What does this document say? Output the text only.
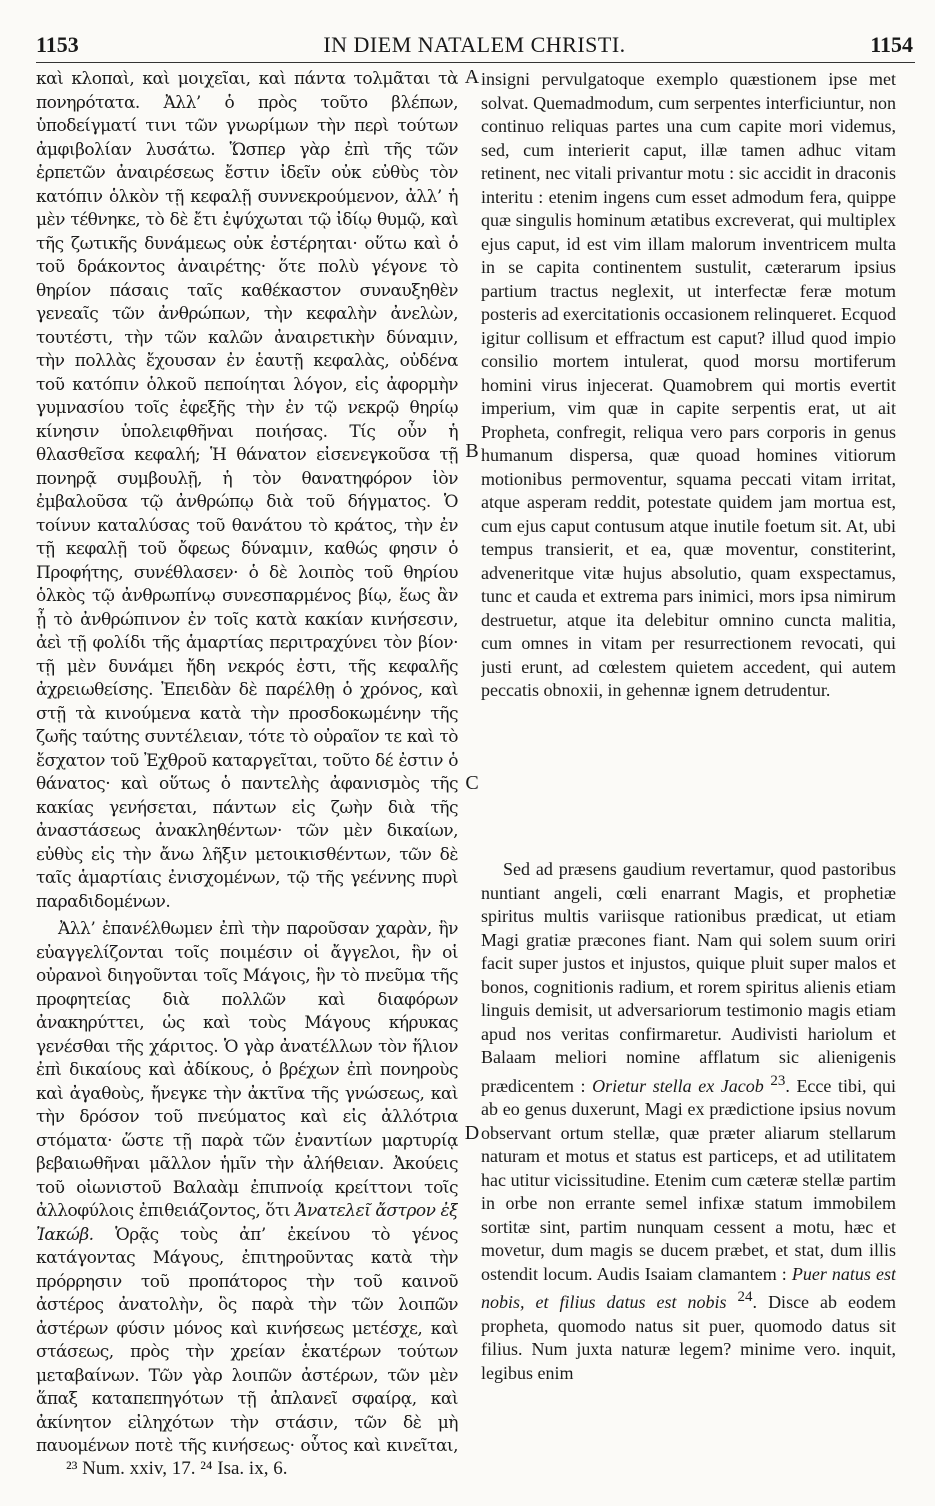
1153	IN DIEM NATALEM CHRISTI.	1154

καὶ κλοπαὶ, καὶ μοιχεῖαι, καὶ πάντα τολμᾶται τὰ πονηρότατα. Ἀλλ’ ὁ πρὸς τοῦτο βλέπων, ὑποδείγματί τινι τῶν γνωρίμων τὴν περὶ τούτων ἀμφιβολίαν λυσάτω. Ὥσπερ γὰρ ἐπὶ τῆς τῶν ἑρπετῶν ἀναιρέσεως ἔστιν ἰδεῖν οὐκ εὐθὺς τὸν κατόπιν ὁλκὸν τῇ κεφαλῇ συννεκρούμενον, ἀλλ’ ἡ μὲν τέθνηκε, τὸ δὲ ἔτι ἐψύχωται τῷ ἰδίῳ θυμῷ, καὶ τῆς ζωτικῆς δυνάμεως οὐκ ἐστέρηται· οὕτω καὶ ὁ τοῦ δράκοντος ἀναιρέτης· ὅτε πολὺ γέγονε τὸ θηρίον πάσαις ταῖς καθέκαστον συναυξηθὲν γενεαῖς τῶν ἀνθρώπων, τὴν κεφαλὴν ἀνελὼν, τουτέστι, τὴν τῶν καλῶν ἀναιρετικὴν δύναμιν, τὴν πολλὰς ἔχουσαν ἐν ἑαυτῇ κεφαλὰς, οὐδένα τοῦ κατόπιν ὁλκοῦ πεποίηται λόγον, εἰς ἀφορμὴν γυμνασίου τοῖς ἐφεξῆς τὴν ἐν τῷ νεκρῷ θηρίῳ κίνησιν ὑπολειφθῆναι ποιήσας. Τίς οὖν ἡ θλασθεῖσα κεφαλή; Ἡ θάνατον εἰσενεγκοῦσα τῇ πονηρᾷ συμβουλῇ, ἡ τὸν θανατηφόρον ἰὸν ἐμβαλοῦσα τῷ ἀνθρώπῳ διὰ τοῦ δήγματος. Ὁ τοίνυν καταλύσας τοῦ θανάτου τὸ κράτος, τὴν ἐν τῇ κεφαλῇ τοῦ ὄφεως δύναμιν, καθώς φησιν ὁ Προφήτης, συνέθλασεν· ὁ δὲ λοιπὸς τοῦ θηρίου ὁλκὸς τῷ ἀνθρωπίνῳ συνεσπαρμένος βίῳ, ἕως ἂν ᾖ τὸ ἀνθρώπινον ἐν τοῖς κατὰ κακίαν κινήσεσιν, ἀεὶ τῇ φολίδι τῆς ἁμαρτίας περιτραχύνει τὸν βίον· τῇ μὲν δυνάμει ἤδη νεκρός ἐστι, τῆς κεφαλῆς ἀχρειωθείσης. Ἐπειδὰν δὲ παρέλθῃ ὁ χρόνος, καὶ στῇ τὰ κινούμενα κατὰ τὴν προσδοκωμένην τῆς ζωῆς ταύτης συντέλειαν, τότε τὸ οὐραῖον τε καὶ τὸ ἔσχατον τοῦ Ἐχθροῦ καταργεῖται, τοῦτο δέ ἐστιν ὁ θάνατος· καὶ οὕτως ὁ παντελὴς ἀφανισμὸς τῆς κακίας γενήσεται, πάντων εἰς ζωὴν διὰ τῆς ἀναστάσεως ἀνακληθέντων· τῶν μὲν δικαίων, εὐθὺς εἰς τὴν ἄνω λῆξιν μετοικισθέντων, τῶν δὲ ταῖς ἁμαρτίαις ἐνισχομένων, τῷ τῆς γεέννης πυρὶ παραδιδομένων.

Ἀλλ’ ἐπανέλθωμεν ἐπὶ τὴν παροῦσαν χαρὰν, ἣν εὐαγγελίζονται τοῖς ποιμέσιν οἱ ἄγγελοι, ἣν οἱ οὐρανοὶ διηγοῦνται τοῖς Μάγοις, ἣν τὸ πνεῦμα τῆς προφητείας διὰ πολλῶν καὶ διαφόρων ἀνακηρύττει, ὡς καὶ τοὺς Μάγους κήρυκας γενέσθαι τῆς χάριτος. Ὁ γὰρ ἀνατέλλων τὸν ἥλιον ἐπὶ δικαίους καὶ ἀδίκους, ὁ βρέχων ἐπὶ πονηροὺς καὶ ἀγαθοὺς, ἤνεγκε τὴν ἀκτῖνα τῆς γνώσεως, καὶ τὴν δρόσον τοῦ πνεύματος καὶ εἰς ἀλλότρια στόματα· ὥστε τῇ παρὰ τῶν ἐναντίων μαρτυρίᾳ βεβαιωθῆναι μᾶλλον ἡμῖν τὴν ἀλήθειαν. Ἀκούεις τοῦ οἰωνιστοῦ Βαλαὰμ ἐπιπνοίᾳ κρείττονι τοῖς ἀλλοφύλοις ἐπιθειάζοντος, ὅτι Ἀνατελεῖ ἄστρον ἐξ Ἰακώβ. Ὁρᾷς τοὺς ἀπ’ ἐκείνου τὸ γένος κατάγοντας Μάγους, ἐπιτηροῦντας κατὰ τὴν πρόρρησιν τοῦ προπάτορος τὴν τοῦ καινοῦ ἀστέρος ἀνατολὴν, ὃς παρὰ τὴν τῶν λοιπῶν ἀστέρων φύσιν μόνος καὶ κινήσεως μετέσχε, καὶ στάσεως, πρὸς τὴν χρείαν ἑκατέρων τούτων μεταβαίνων. Τῶν γὰρ λοιπῶν ἀστέρων, τῶν μὲν ἅπαξ καταπεπηγότων τῇ ἀπλανεῖ σφαίρᾳ, καὶ ἀκίνητον εἰληχότων τὴν στάσιν, τῶν δὲ μὴ παυομένων ποτὲ τῆς κινήσεως· οὗτος καὶ κινεῖται,

A
B
C
D

insigni pervulgatoque exemplo quæstionem ipse met solvat. Quemadmodum, cum serpentes interficiuntur, non continuo reliquas partes una cum capite mori videmus, sed, cum interierit caput, illæ tamen adhuc vitam retinent, nec vitali privantur motu : sic accidit in draconis interitu : etenim ingens cum esset admodum fera, quippe quæ singulis hominum ætatibus excreverat, qui multiplex ejus caput, id est vim illam malorum inventricem multa in se capita continentem sustulit, cæterarum ipsius partium tractus neglexit, ut interfectæ feræ motum posteris ad exercitationis occasionem relinqueret. Ecquod igitur collisum et effractum est caput? illud quod impio consilio mortem intulerat, quod morsu mortiferum homini virus injecerat. Quamobrem qui mortis evertit imperium, vim quæ in capite serpentis erat, ut ait Propheta, confregit, reliqua vero pars corporis in genus humanum dispersa, quæ quoad homines vitiorum motionibus permoventur, squama peccati vitam irritat, atque asperam reddit, potestate quidem jam mortua est, cum ejus caput contusum atque inutile foetum sit. At, ubi tempus transierit, et ea, quæ moventur, constiterint, adveneritque vitæ hujus absolutio, quam exspectamus, tunc et cauda et extrema pars inimici, mors ipsa nimirum destruetur, atque ita delebitur omnino cuncta malitia, cum omnes in vitam per resurrectionem revocati, qui justi erunt, ad cœlestem quietem accedent, qui autem peccatis obnoxii, in gehennæ ignem detrudentur.

Sed ad præsens gaudium revertamur, quod pastoribus nuntiant angeli, cœli enarrant Magis, et prophetiæ spiritus multis variisque rationibus prædicat, ut etiam Magi gratiæ præcones fiant. Nam qui solem suum oriri facit super justos et injustos, quique pluit super malos et bonos, cognitionis radium, et rorem spiritus alienis etiam linguis demisit, ut adversariorum testimonio magis etiam apud nos veritas confirmaretur. Audivisti hariolum et Balaam meliori nomine afflatum sic alienigenis prædicentem : Orietur stella ex Jacob $^{23}$. Ecce tibi, qui ab eo genus duxerunt, Magi ex prædictione ipsius novum observant ortum stellæ, quæ præter aliarum stellarum naturam et motus et status est particeps, et ad utilitatem hac utitur vicissitudine. Etenim cum cæteræ stellæ partim in orbe non errante semel infixæ statum immobilem sortitæ sint, partim nunquam cessent a motu, hæc et movetur, dum magis se ducem præbet, et stat, dum illis ostendit locum. Audis Isaiam clamantem : Puer natus est nobis, et filius datus est nobis $^{24}$. Disce ab eodem propheta, quomodo natus sit puer, quomodo datus sit filius. Num juxta naturæ legem? minime vero. inquit, legibus enim

²³ Num. xxiv, 17. ²⁴ Isa. ix, 6.
